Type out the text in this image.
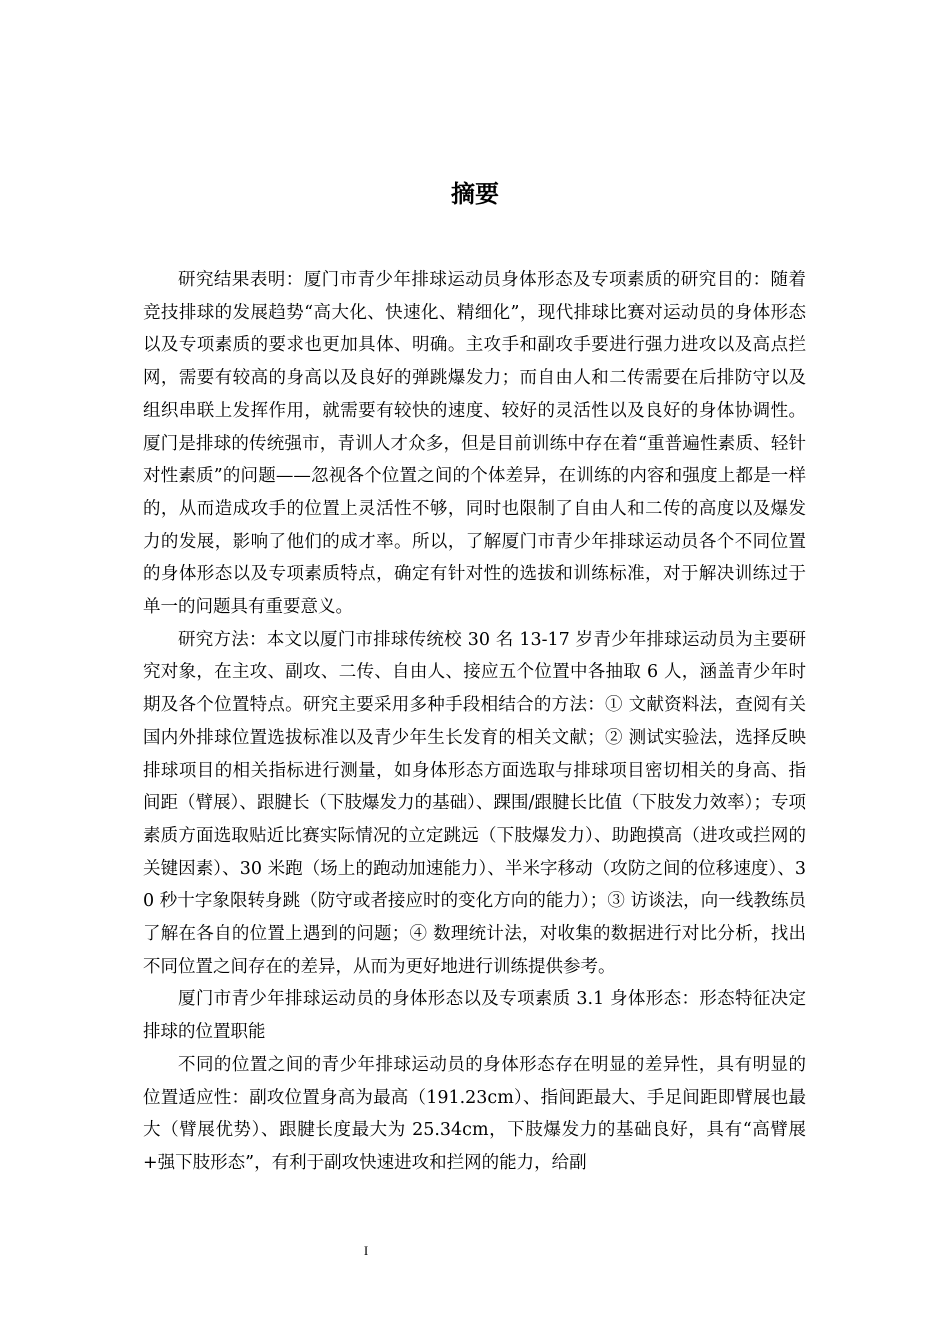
摘要

研究结果表明：厦门市青少年排球运动员身体形态及专项素质的研究目的：随着竞技排球的发展趋势“高大化、快速化、精细化”，现代排球比赛对运动员的身体形态以及专项素质的要求也更加具体、明确。主攻手和副攻手要进行强力进攻以及高点拦网，需要有较高的身高以及良好的弹跳爆发力；而自由人和二传需要在后排防守以及组织串联上发挥作用，就需要有较快的速度、较好的灵活性以及良好的身体协调性。厦门是排球的传统强市，青训人才众多，但是目前训练中存在着“重普遍性素质、轻针对性素质”的问题——忽视各个位置之间的个体差异，在训练的内容和强度上都是一样的，从而造成攻手的位置上灵活性不够，同时也限制了自由人和二传的高度以及爆发力的发展，影响了他们的成才率。所以，了解厦门市青少年排球运动员各个不同位置的身体形态以及专项素质特点，确定有针对性的选拔和训练标准，对于解决训练过于单一的问题具有重要意义。

研究方法：本文以厦门市排球传统校 30 名 13-17 岁青少年排球运动员为主要研究对象，在主攻、副攻、二传、自由人、接应五个位置中各抽取 6 人，涵盖青少年时期及各个位置特点。研究主要采用多种手段相结合的方法：① 文献资料法，查阅有关国内外排球位置选拔标准以及青少年生长发育的相关文献；② 测试实验法，选择反映排球项目的相关指标进行测量，如身体形态方面选取与排球项目密切相关的身高、指间距（臂展）、跟腱长（下肢爆发力的基础）、踝围/跟腱长比值（下肢发力效率）；专项素质方面选取贴近比赛实际情况的立定跳远（下肢爆发力）、助跑摸高（进攻或拦网的关键因素）、30 米跑（场上的跑动加速能力）、半米字移动（攻防之间的位移速度）、30 秒十字象限转身跳（防守或者接应时的变化方向的能力）；③ 访谈法，向一线教练员了解在各自的位置上遇到的问题；④ 数理统计法，对收集的数据进行对比分析，找出不同位置之间存在的差异，从而为更好地进行训练提供参考。

厦门市青少年排球运动员的身体形态以及专项素质 3.1 身体形态：形态特征决定排球的位置职能

不同的位置之间的青少年排球运动员的身体形态存在明显的差异性，具有明显的位置适应性：副攻位置身高为最高（191.23cm）、指间距最大、手足间距即臂展也最大（臂展优势）、跟腱长度最大为 25.34cm，下肢爆发力的基础良好，具有“高臂展+强下肢形态”，有利于副攻快速进攻和拦网的能力，给副

I
